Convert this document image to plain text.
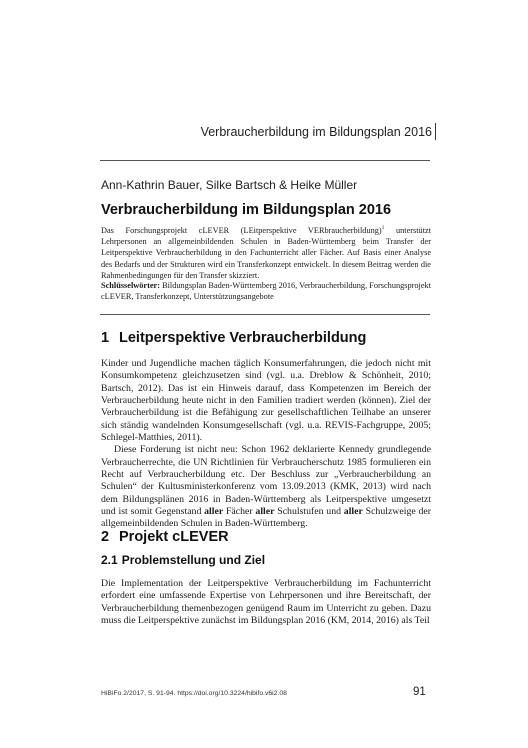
Verbraucherbildung im Bildungsplan 2016
Ann-Kathrin Bauer, Silke Bartsch & Heike Müller
Verbraucherbildung im Bildungsplan 2016

Das Forschungsprojekt cLEVER (LEitperspektive VERbraucherbildung)$^1$ unterstützt Lehrpersonen an allgemeinbildenden Schulen in Baden-Württemberg beim Transfer der Leitperspektive Verbraucherbildung in den Fachunterricht aller Fächer. Auf Basis einer Analyse des Bedarfs und der Strukturen wird ein Transferkonzept entwickelt. In diesem Beitrag werden die Rahmenbedingungen für den Transfer skizziert.

Schlüsselwörter: Bildungsplan Baden-Württemberg 2016, Verbraucherbildung, Forschungsprojekt cLEVER, Transferkonzept, Unterstützungsangebote

1 Leitperspektive Verbraucherbildung

Kinder und Jugendliche machen täglich Konsumerfahrungen, die jedoch nicht mit Konsumkompetenz gleichzusetzen sind (vgl. u.a. Dreblow & Schönheit, 2010; Bartsch, 2012). Das ist ein Hinweis darauf, dass Kompetenzen im Bereich der Verbraucherbildung heute nicht in den Familien tradiert werden (können). Ziel der Verbraucherbildung ist die Befähigung zur gesellschaftlichen Teilhabe an unserer sich ständig wandelnden Konsumgesellschaft (vgl. u.a. REVIS-Fachgruppe, 2005; Schlegel-Matthies, 2011).

Diese Forderung ist nicht neu: Schon 1962 deklarierte Kennedy grundlegende Verbraucherrechte, die UN Richtlinien für Verbraucherschutz 1985 formulieren ein Recht auf Verbraucherbildung etc. Der Beschluss zur „Verbraucherbildung an Schulen“ der Kultusministerkonferenz vom 13.09.2013 (KMK, 2013) wird nach dem Bildungsplänen 2016 in Baden-Württemberg als Leitperspektive umgesetzt und ist somit Gegenstand aller Fächer aller Schulstufen und aller Schulzweige der allgemeinbildenden Schulen in Baden-Württemberg.

2 Projekt cLEVER
2.1 Problemstellung und Ziel

Die Implementation der Leitperspektive Verbraucherbildung im Fachunterricht erfordert eine umfassende Expertise von Lehrpersonen und ihre Bereitschaft, der Verbraucherbildung themenbezogen genügend Raum im Unterricht zu geben. Dazu muss die Leitperspektive zunächst im Bildungsplan 2016 (KM, 2014, 2016) als Teil

HiBiFo 2/2017, S. 91-94. https://doi.org/10.3224/hibifo.v6i2.08	91
